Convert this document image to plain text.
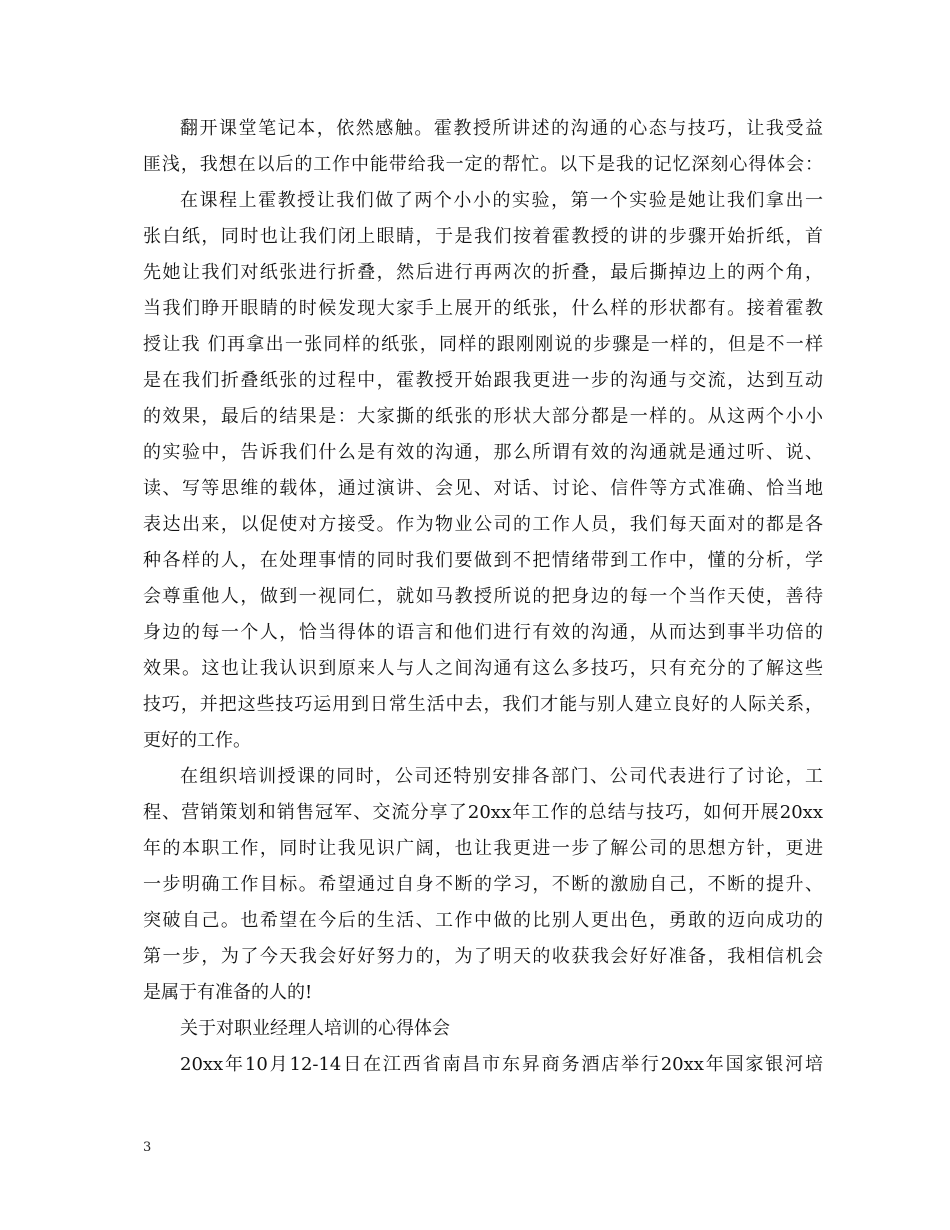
翻开课堂笔记本，依然感触。霍教授所讲述的沟通的心态与技巧，让我受益
匪浅，我想在以后的工作中能带给我一定的帮忙。以下是我的记忆深刻心得体会：
在课程上霍教授让我们做了两个小小的实验，第一个实验是她让我们拿出一
张白纸，同时也让我们闭上眼睛，于是我们按着霍教授的讲的步骤开始折纸，首
先她让我们对纸张进行折叠，然后进行再两次的折叠，最后撕掉边上的两个角，
当我们睁开眼睛的时候发现大家手上展开的纸张，什么样的形状都有。接着霍教
授让我 们再拿出一张同样的纸张，同样的跟刚刚说的步骤是一样的，但是不一样
是在我们折叠纸张的过程中，霍教授开始跟我更进一步的沟通与交流，达到互动
的效果，最后的结果是：大家撕的纸张的形状大部分都是一样的。从这两个小小
的实验中，告诉我们什么是有效的沟通，那么所谓有效的沟通就是通过听、说、
读、写等思维的载体，通过演讲、会见、对话、讨论、信件等方式准确、恰当地
表达出来，以促使对方接受。作为物业公司的工作人员，我们每天面对的都是各
种各样的人，在处理事情的同时我们要做到不把情绪带到工作中，懂的分析，学
会尊重他人，做到一视同仁，就如马教授所说的把身边的每一个当作天使，善待
身边的每一个人，恰当得体的语言和他们进行有效的沟通，从而达到事半功倍的
效果。这也让我认识到原来人与人之间沟通有这么多技巧，只有充分的了解这些
技巧，并把这些技巧运用到日常生活中去，我们才能与别人建立良好的人际关系，
更好的工作。
在组织培训授课的同时，公司还特别安排各部门、公司代表进行了讨论，工
程、营销策划和销售冠军、交流分享了20xx年工作的总结与技巧，如何开展20xx
年的本职工作，同时让我见识广阔，也让我更进一步了解公司的思想方针，更进
一步明确工作目标。希望通过自身不断的学习，不断的激励自己，不断的提升、
突破自己。也希望在今后的生活、工作中做的比别人更出色，勇敢的迈向成功的
第一步，为了今天我会好好努力的，为了明天的收获我会好好准备，我相信机会
是属于有准备的人的!
关于对职业经理人培训的心得体会
20xx年10月12-14日在江西省南昌市东昇商务酒店举行20xx年国家银河培
3
